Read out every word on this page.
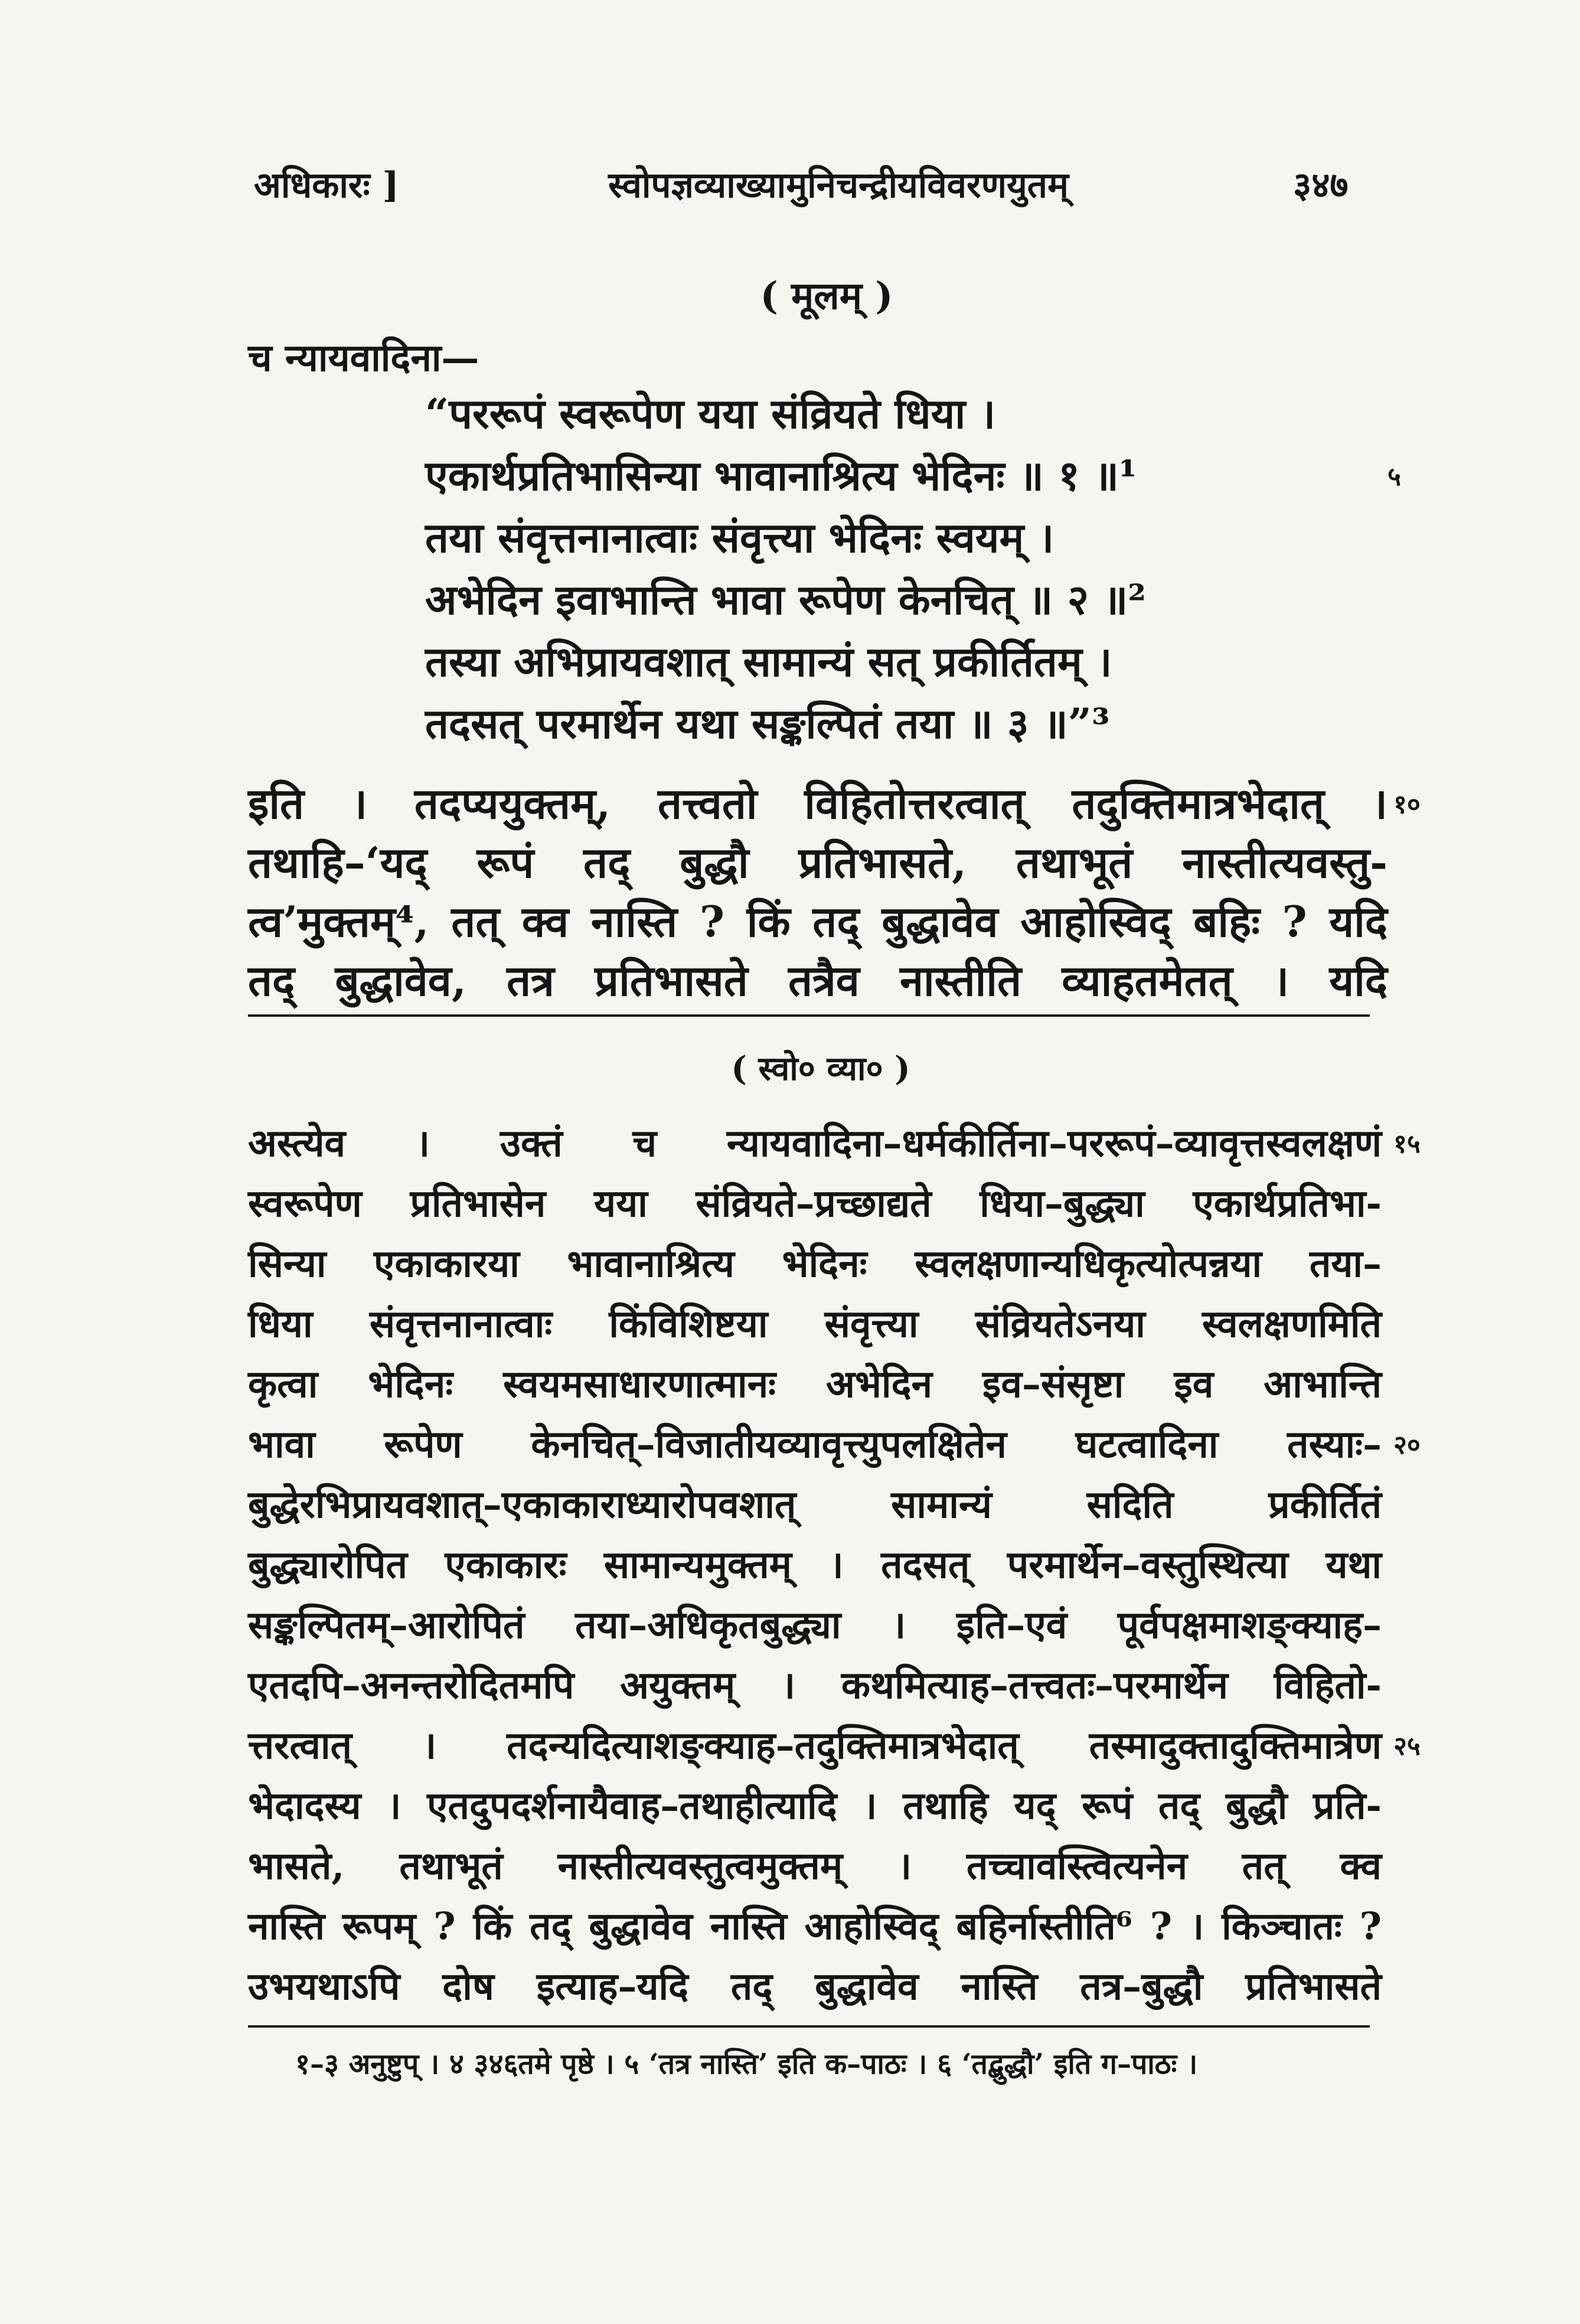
अधिकारः ]	स्वोपज्ञव्याख्यामुनिचन्द्रीयविवरणयुतम्	३४७
( मूलम् )
च न्यायवादिना—
“पररूपं स्वरूपेण यया संव्रियते धिया ।
एकार्थप्रतिभासिन्या भावानाश्रित्य भेदिनः ॥ १ ॥¹
तया संवृत्तनानात्वाः संवृत्त्या भेदिनः स्वयम् ।
अभेदिन इवाभान्ति भावा रूपेण केनचित् ॥ २ ॥²
तस्या अभिप्रायवशात् सामान्यं सत् प्रकीर्तितम् ।
तदसत् परमार्थेन यथा सङ्कल्पितं तया ॥ ३ ॥”³
५
इति । तदप्ययुक्तम्, तत्त्वतो विहितोत्तरत्वात् तदुक्तिमात्रभेदात् ।
तथाहि–‘यद् रूपं तद् बुद्धौ प्रतिभासते, तथाभूतं नास्तीत्यवस्तु-
त्व’मुक्तम्⁴, तत् क्व नास्ति ? किं तद् बुद्धावेव आहोस्विद् बहिः ? यदि
तद् बुद्धावेव, तत्र प्रतिभासते तत्रैव नास्तीति व्याहतमेतत् । यदि
१०
( स्वो० व्या० )
अस्त्येव । उक्तं च न्यायवादिना–धर्मकीर्तिना–पररूपं–व्यावृत्तस्वलक्षणं
स्वरूपेण प्रतिभासेन यया संव्रियते–प्रच्छाद्यते धिया–बुद्ध्या एकार्थप्रतिभा-
सिन्या एकाकारया भावानाश्रित्य भेदिनः स्वलक्षणान्यधिकृत्योत्पन्नया तया–
धिया संवृत्तनानात्वाः किंविशिष्टया संवृत्त्या संव्रियतेऽनया स्वलक्षणमिति
कृत्वा भेदिनः स्वयमसाधारणात्मानः अभेदिन इव–संसृष्टा इव आभान्ति
भावा रूपेण केनचित्–विजातीयव्यावृत्त्युपलक्षितेन घटत्वादिना तस्याः–
बुद्धेरभिप्रायवशात्–एकाकाराध्यारोपवशात् सामान्यं सदिति प्रकीर्तितं
बुद्ध्यारोपित एकाकारः सामान्यमुक्तम् । तदसत् परमार्थेन–वस्तुस्थित्या यथा
सङ्कल्पितम्–आरोपितं तया–अधिकृतबुद्ध्या । इति–एवं पूर्वपक्षमाशङ्क्याह–
एतदपि–अनन्तरोदितमपि अयुक्तम् । कथमित्याह–तत्त्वतः–परमार्थेन विहितो-
त्तरत्वात् । तदन्यदित्याशङ्क्याह–तदुक्तिमात्रभेदात् तस्मादुक्तादुक्तिमात्रेण
भेदादस्य । एतदुपदर्शनायैवाह–तथाहीत्यादि । तथाहि यद् रूपं तद् बुद्धौ प्रति-
भासते, तथाभूतं नास्तीत्यवस्तुत्वमुक्तम् । तच्चावस्त्वित्यनेन तत् क्व
नास्ति रूपम् ? किं तद् बुद्धावेव नास्ति आहोस्विद् बहिर्नास्तीति⁶ ? । किञ्चातः ?
उभयथाऽपि दोष इत्याह–यदि तद् बुद्धावेव नास्ति तत्र–बुद्धौ प्रतिभासते
१५
२०
२५
१–३ अनुष्टुप् । ४ ३४६तमे पृष्ठे । ५ ‘तत्र नास्ति’ इति क–पाठः । ६ ‘तद्बुद्धौ’ इति ग–पाठः ।
